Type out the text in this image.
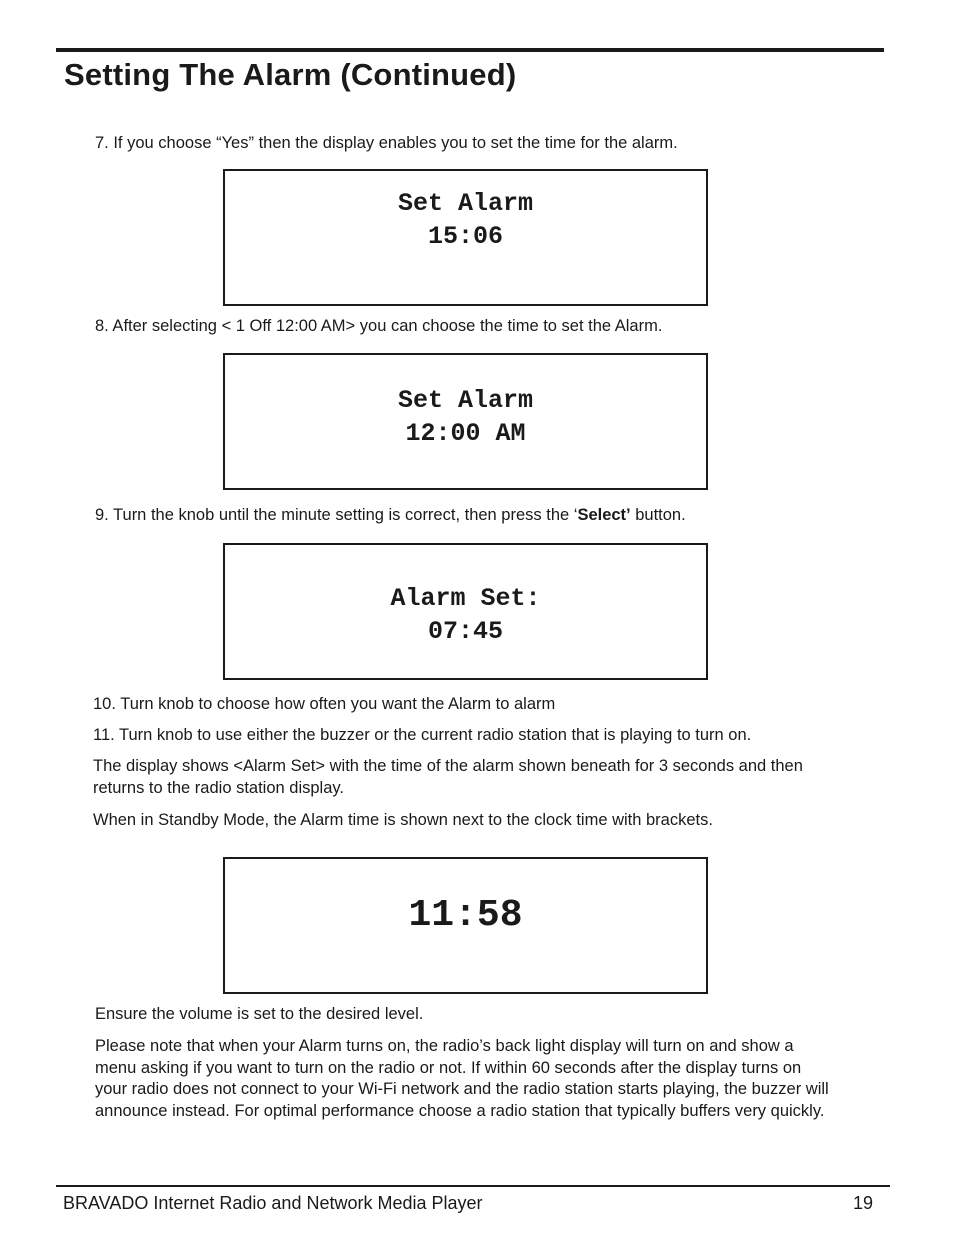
Setting The Alarm (Continued)

7. If you choose “Yes” then the display enables you to set the time for the alarm.

Set Alarm
15:06

8. After selecting < 1 Off 12:00 AM> you can choose the time to set the Alarm.

Set Alarm
12:00 AM

9. Turn the knob until the minute setting is correct, then press the ‘Select’ button.

Alarm Set:
07:45

10. Turn knob to choose how often you want the Alarm to alarm

11. Turn knob to use either the buzzer or the current radio station that is playing to turn on.

The display shows <Alarm Set> with the time of the alarm shown beneath for 3 seconds and then returns to the radio station display.

When in Standby Mode, the Alarm time is shown next to the clock time with brackets.

11:58

Ensure the volume is set to the desired level.

Please note that when your Alarm turns on, the radio’s back light display will turn on and show a menu asking if you want to turn on the radio or not. If within 60 seconds after the display turns on your radio does not connect to your Wi-Fi network and the radio station starts playing, the buzzer will announce instead. For optimal performance choose a radio station that typically buffers very quickly.

BRAVADO Internet Radio and Network Media Player	19
